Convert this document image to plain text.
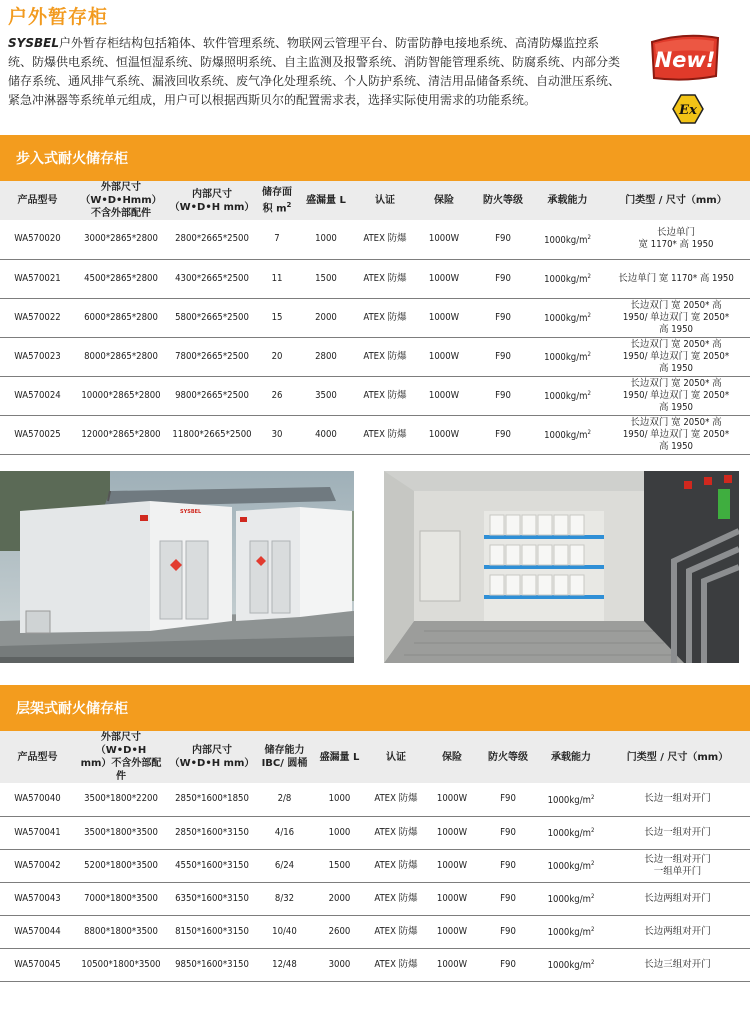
户外暂存柜
SYSBEL户外暂存柜结构包括箱体、软件管理系统、物联网云管理平台、防雷防静电接地系统、高清防爆监控系统、防爆供电系统、恒温恒湿系统、防爆照明系统、自主监测及报警系统、消防智能管理系统、防腐系统、内部分类储存系统、通风排气系统、漏液回收系统、废气净化处理系统、个人防护系统、清洁用品储备系统、自动泄压系统、紧急冲淋器等系统单元组成，用户可以根据西斯贝尔的配置需求表，选择实际使用需求的功能系统。
New!
Ex
步入式耐火储存柜
产品型号	外部尺寸
（W•D•Hmm）
不含外部配件	内部尺寸
（W•D•H mm）	储存面
积 $m^2$	盛漏量 L	认证	保险	防火等级	承载能力	门类型 / 尺寸（mm）
WA570020	3000*2865*2800	2800*2665*2500	7	1000	ATEX 防爆	1000W	F90	$1000kg/m^2$	长边单门
宽 1170* 高 1950
WA570021	4500*2865*2800	4300*2665*2500	11	1500	ATEX 防爆	1000W	F90	$1000kg/m^2$	长边单门 宽 1170* 高 1950
WA570022	6000*2865*2800	5800*2665*2500	15	2000	ATEX 防爆	1000W	F90	$1000kg/m^2$	长边双门 宽 2050* 高
1950/ 单边双门 宽 2050*
高 1950
WA570023	8000*2865*2800	7800*2665*2500	20	2800	ATEX 防爆	1000W	F90	$1000kg/m^2$	长边双门 宽 2050* 高
1950/ 单边双门 宽 2050*
高 1950
WA570024	10000*2865*2800	9800*2665*2500	26	3500	ATEX 防爆	1000W	F90	$1000kg/m^2$	长边双门 宽 2050* 高
1950/ 单边双门 宽 2050*
高 1950
WA570025	12000*2865*2800	11800*2665*2500	30	4000	ATEX 防爆	1000W	F90	$1000kg/m^2$	长边双门 宽 2050* 高
1950/ 单边双门 宽 2050*
高 1950
SYSBEL
层架式耐火储存柜
产品型号	外部尺寸（W•D•H
mm）不含外部配件	内部尺寸
（W•D•H mm）	储存能力
IBC/ 圆桶	盛漏量 L	认证	保险	防火等级	承载能力	门类型 / 尺寸（mm）
WA570040	3500*1800*2200	2850*1600*1850	2/8	1000	ATEX 防爆	1000W	F90	$1000kg/m^2$	长边一组对开门
WA570041	3500*1800*3500	2850*1600*3150	4/16	1000	ATEX 防爆	1000W	F90	$1000kg/m^2$	长边一组对开门
WA570042	5200*1800*3500	4550*1600*3150	6/24	1500	ATEX 防爆	1000W	F90	$1000kg/m^2$	长边一组对开门
一组单开门
WA570043	7000*1800*3500	6350*1600*3150	8/32	2000	ATEX 防爆	1000W	F90	$1000kg/m^2$	长边两组对开门
WA570044	8800*1800*3500	8150*1600*3150	10/40	2600	ATEX 防爆	1000W	F90	$1000kg/m^2$	长边两组对开门
WA570045	10500*1800*3500	9850*1600*3150	12/48	3000	ATEX 防爆	1000W	F90	$1000kg/m^2$	长边三组对开门
